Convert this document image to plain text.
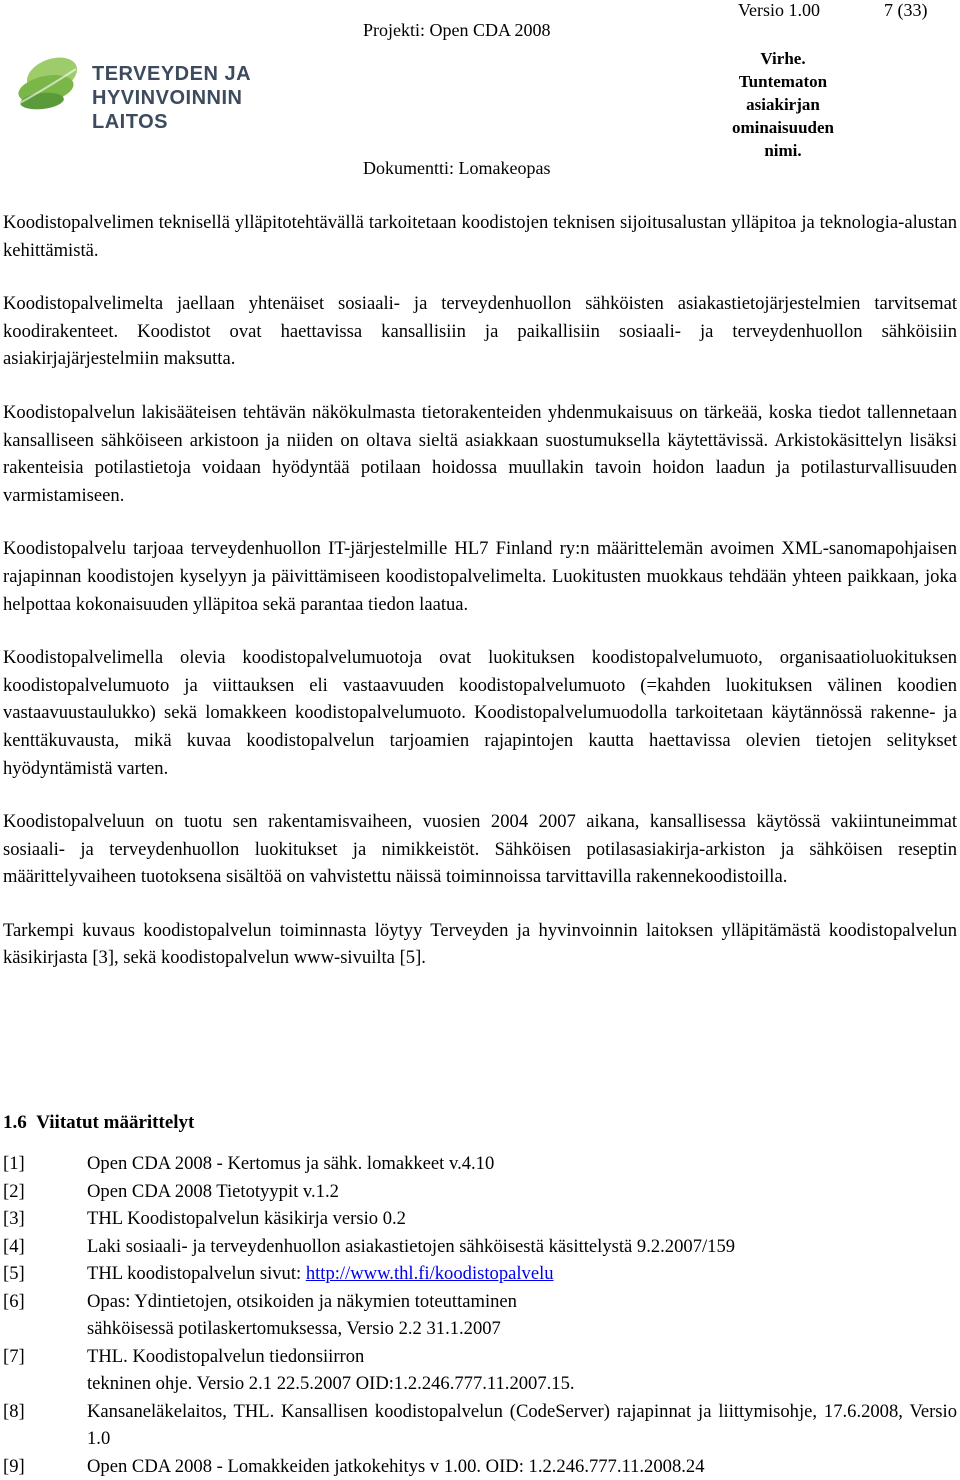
TERVEYDEN JA
HYVINVOINNIN LAITOS
Projekti: Open CDA 2008
Dokumentti: Lomakeopas
Versio 1.00	7 (33)
Virhe.
Tuntematon
asiakirjan
ominaisuuden
nimi.

Koodistopalvelimen teknisellä ylläpitotehtävällä tarkoitetaan koodistojen teknisen sijoitusalustan ylläpitoa ja teknologia-alustan kehittämistä.

Koodistopalvelimelta jaellaan yhtenäiset sosiaali- ja terveydenhuollon sähköisten asiakastietojärjestelmien tarvitsemat koodirakenteet. Koodistot ovat haettavissa kansallisiin ja paikallisiin sosiaali- ja terveydenhuollon sähköisiin asiakirjajärjestelmiin maksutta.

Koodistopalvelun lakisääteisen tehtävän näkökulmasta tietorakenteiden yhdenmukaisuus on tärkeää, koska tiedot tallennetaan kansalliseen sähköiseen arkistoon ja niiden on oltava sieltä asiakkaan suostumuksella käytettävissä. Arkistokäsittelyn lisäksi rakenteisia potilastietoja voidaan hyödyntää potilaan hoidossa muullakin tavoin hoidon laadun ja potilasturvallisuuden varmistamiseen.

Koodistopalvelu tarjoaa terveydenhuollon IT-järjestelmille HL7 Finland ry:n määrittelemän avoimen XML-sanomapohjaisen rajapinnan koodistojen kyselyyn ja päivittämiseen koodistopalvelimelta. Luokitusten muokkaus tehdään yhteen paikkaan, joka helpottaa kokonaisuuden ylläpitoa sekä parantaa tiedon laatua.

Koodistopalvelimella olevia koodistopalvelumuotoja ovat luokituksen koodistopalvelumuoto, organisaatioluokituksen koodistopalvelumuoto ja viittauksen eli vastaavuuden koodistopalvelumuoto (=kahden luokituksen välinen koodien vastaavuustaulukko) sekä lomakkeen koodistopalvelumuoto. Koodistopalvelumuodolla tarkoitetaan käytännössä rakenne- ja kenttäkuvausta, mikä kuvaa koodistopalvelun tarjoamien rajapintojen kautta haettavissa olevien tietojen selitykset hyödyntämistä varten.

Koodistopalveluun on tuotu sen rakentamisvaiheen, vuosien 2004 2007 aikana, kansallisessa käytössä vakiintuneimmat sosiaali- ja terveydenhuollon luokitukset ja nimikkeistöt. Sähköisen potilasasiakirja-arkiston ja sähköisen reseptin määrittelyvaiheen tuotoksena sisältöä on vahvistettu näissä toiminnoissa tarvittavilla rakennekoodistoilla.

Tarkempi kuvaus koodistopalvelun toiminnasta löytyy Terveyden ja hyvinvoinnin laitoksen ylläpitämästä koodistopalvelun käsikirjasta [3], sekä koodistopalvelun www-sivuilta [5].

1.6 Viitatut määrittelyt
[1]	Open CDA 2008 - Kertomus ja sähk. lomakkeet v.4.10
[2]	Open CDA 2008 Tietotyypit v.1.2
[3]	THL Koodistopalvelun käsikirja versio 0.2
[4]	Laki sosiaali- ja terveydenhuollon asiakastietojen sähköisestä käsittelystä 9.2.2007/159
[5]	THL koodistopalvelun sivut: http://www.thl.fi/koodistopalvelu
[6]	Opas: Ydintietojen, otsikoiden ja näkymien toteuttaminen
sähköisessä potilaskertomuksessa, Versio 2.2 31.1.2007
[7]	THL. Koodistopalvelun tiedonsiirron
tekninen ohje. Versio 2.1 22.5.2007 OID:1.2.246.777.11.2007.15.
[8]	Kansaneläkelaitos, THL. Kansallisen koodistopalvelun (CodeServer) rajapinnat ja liittymisohje, 17.6.2008, Versio 1.0
[9]	Open CDA 2008 - Lomakkeiden jatkokehitys v 1.00. OID: 1.2.246.777.11.2008.24
